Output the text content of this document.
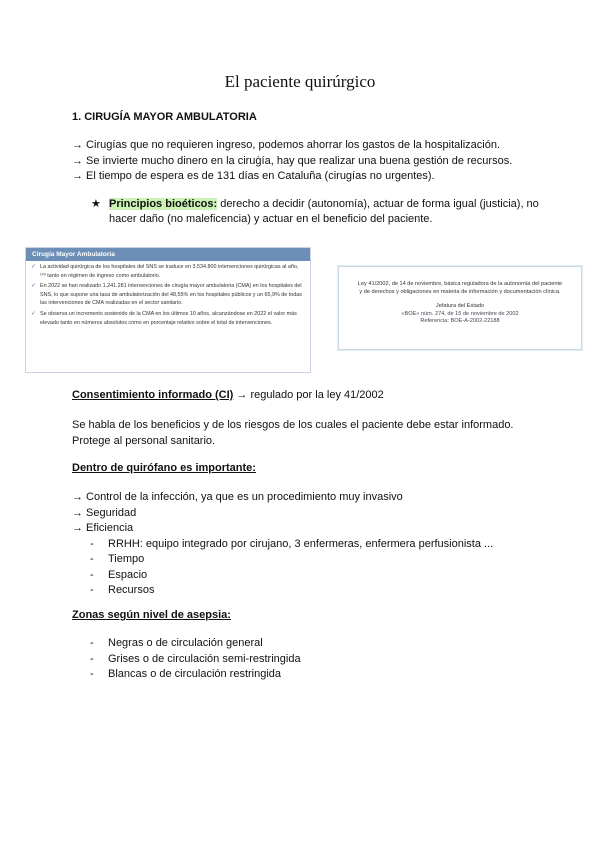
El paciente quirúrgico
1. CIRUGÍA MAYOR AMBULATORIA
→ Cirugías que no requieren ingreso, podemos ahorrar los gastos de la hospitalización.
→ Se invierte mucho dinero en la ciruģía, hay que realizar una buena gestión de recursos.
→ El tiempo de espera es de 131 días en Cataluña (cirugías no urgentes).
★ Principios bioéticos: derecho a decidir (autonomía), actuar de forma igual (justicia), no hacer daño (no maleficencia) y actuar en el beneficio del paciente.
Cirugía Mayor Ambulatoria
✓ La actividad quirúrgica de los hospitales del SNS se traduce en 3.534.800 intervenciones quirúrgicas al año, ¹⁰³ tanto en régimen de ingreso como ambulatorio.
✓ En 2022 se han realizado 1.241.281 intervenciones de cirugía mayor ambulatoria (CMA) en los hospitales del SNS, lo que supone una tasa de ambulatorización del 48,55% en los hospitales públicos y un 65,9% de todas las intervenciones de CMA realizadas en el sector sanitario.
✓ Se observa un incremento sostenido de la CMA en los últimos 10 años, alcanzándose en 2022 el valor más elevado tanto en números absolutos como en porcentaje relativo sobre el total de intervenciones.
Ley 41/2002, de 14 de noviembre, básica reguladora de la autonomía del paciente y de derechos y obligaciones en materia de información y documentación clínica.
Jefatura del Estado
«BOE» núm. 274, de 15 de noviembre de 2002
Referencia: BOE-A-2002-22188
Consentimiento informado (CI) → regulado por la ley 41/2002
Se habla de los beneficios y de los riesgos de los cuales el paciente debe estar informado.
Protege al personal sanitario.
Dentro de quirófano es importante:
→ Control de la infección, ya que es un procedimiento muy invasivo
→ Seguridad
→ Eficiencia
- RRHH: equipo integrado por cirujano, 3 enfermeras, enfermera perfusionista ...
- Tiempo
- Espacio
- Recursos
Zonas según nivel de asepsia:
- Negras o de circulación general
- Grises o de circulación semi-restringida
- Blancas o de circulación restringida
